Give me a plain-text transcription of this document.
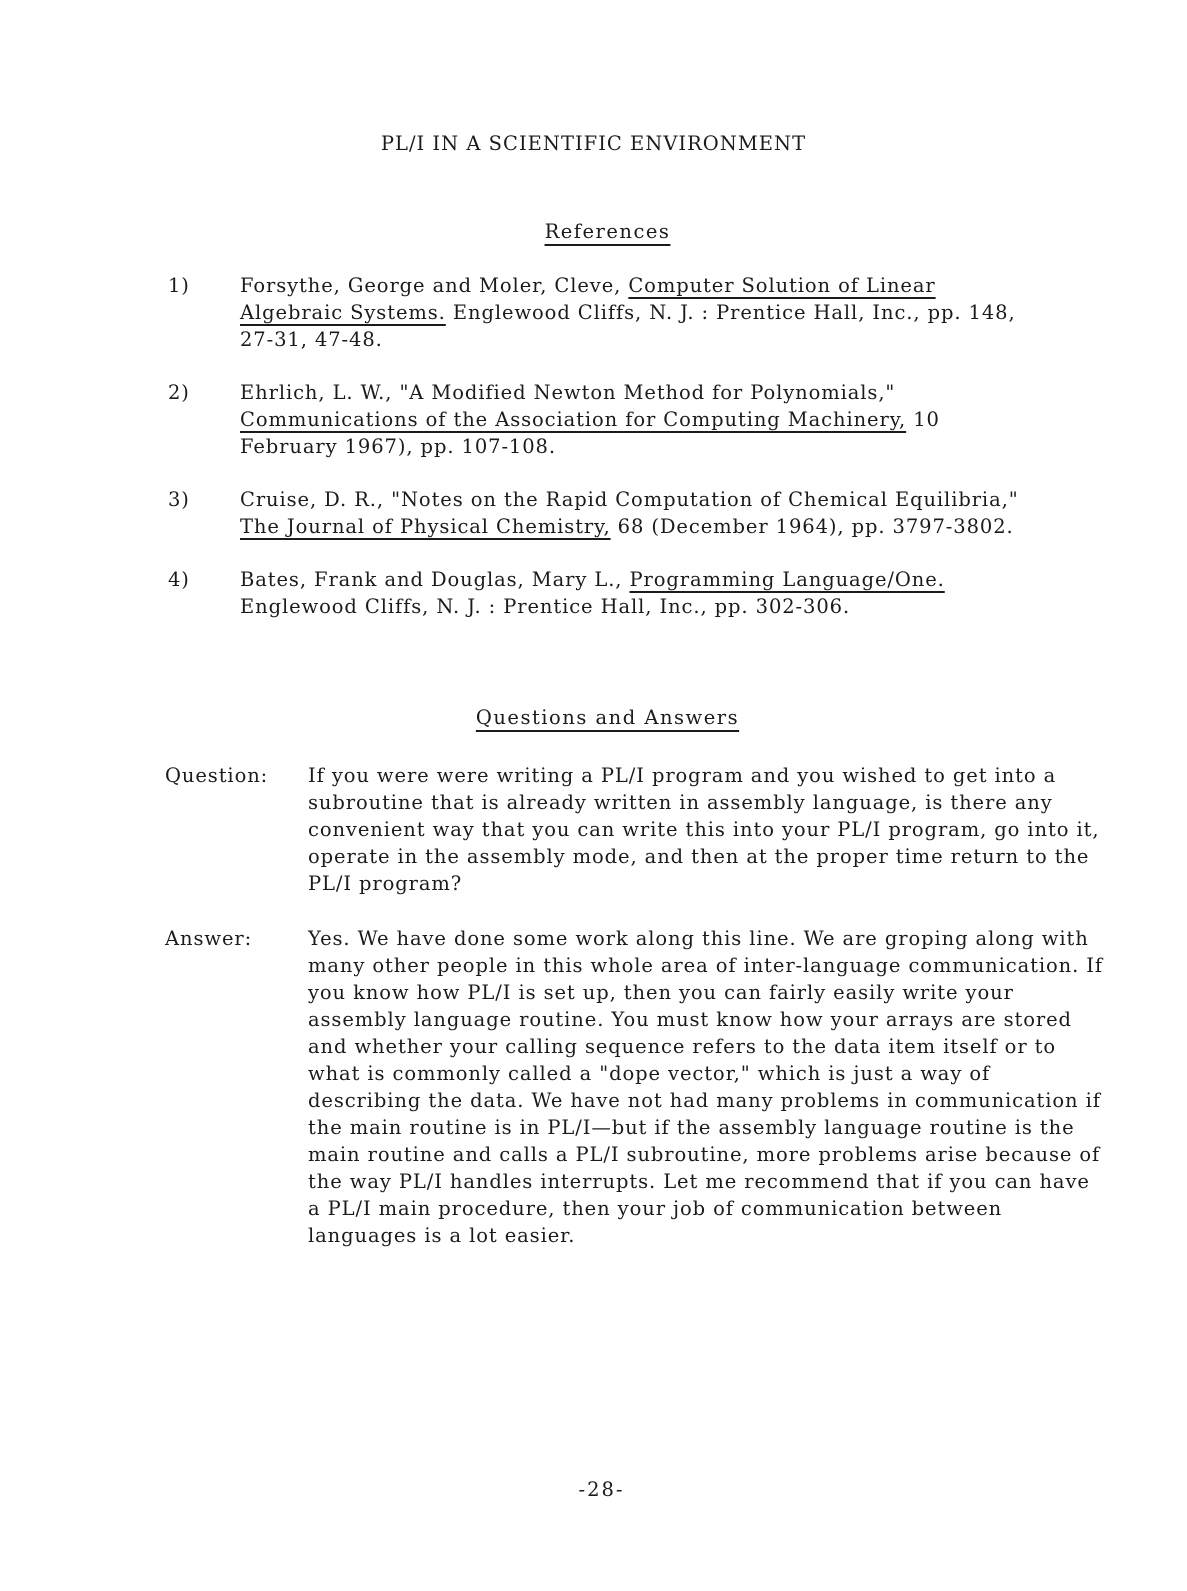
PL/I IN A SCIENTIFIC ENVIRONMENT
References
1)	Forsythe, George and Moler, Cleve, Computer Solution of Linear Algebraic Systems. Englewood Cliffs, N. J. : Prentice Hall, Inc., pp. 148, 27-31, 47-48.
2)	Ehrlich, L. W., "A Modified Newton Method for Polynomials," Communications of the Association for Computing Machinery, 10 February 1967), pp. 107-108.
3)	Cruise, D. R., "Notes on the Rapid Computation of Chemical Equilibria," The Journal of Physical Chemistry, 68 (December 1964), pp. 3797-3802.
4)	Bates, Frank and Douglas, Mary L., Programming Language/One. Englewood Cliffs, N. J. : Prentice Hall, Inc., pp. 302-306.
Questions and Answers
Question:	If you were were writing a PL/I program and you wished to get into a subroutine that is already written in assembly language, is there any convenient way that you can write this into your PL/I program, go into it, operate in the assembly mode, and then at the proper time return to the PL/I program?
Answer:	Yes. We have done some work along this line. We are groping along with many other people in this whole area of inter-language communication. If you know how PL/I is set up, then you can fairly easily write your assembly language routine. You must know how your arrays are stored and whether your calling sequence refers to the data item itself or to what is commonly called a "dope vector," which is just a way of describing the data. We have not had many problems in communication if the main routine is in PL/I—but if the assembly language routine is the main routine and calls a PL/I subroutine, more problems arise because of the way PL/I handles interrupts. Let me recommend that if you can have a PL/I main procedure, then your job of communication between languages is a lot easier.
-28-
